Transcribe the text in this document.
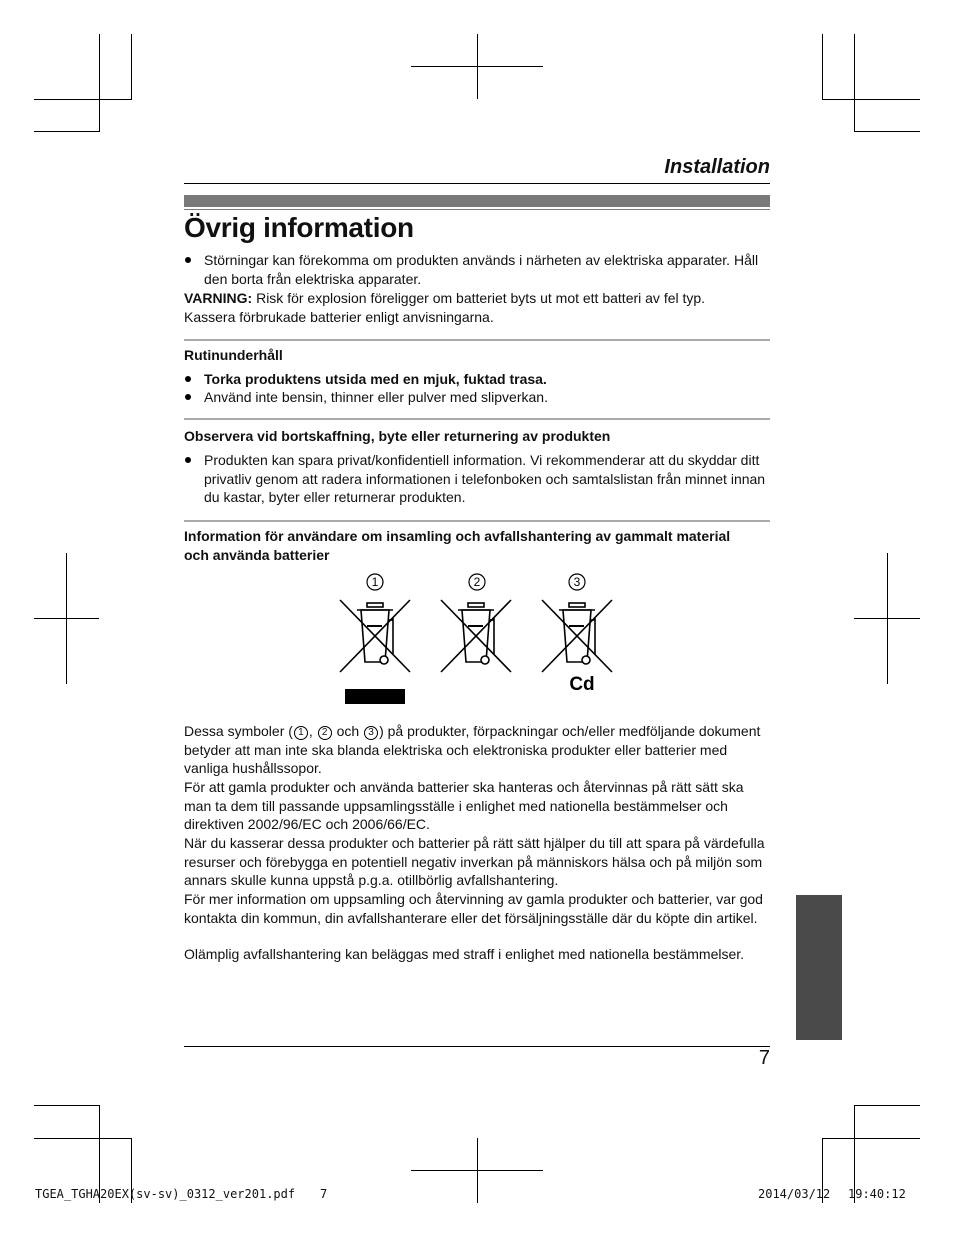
Installation
Övrig information
Störningar kan förekomma om produkten används i närheten av elektriska apparater. Håll den borta från elektriska apparater.
VARNING: Risk för explosion föreligger om batteriet byts ut mot ett batteri av fel typ.
Kassera förbrukade batterier enligt anvisningarna.
Rutinunderhåll
Torka produktens utsida med en mjuk, fuktad trasa.
Använd inte bensin, thinner eller pulver med slipverkan.
Observera vid bortskaffning, byte eller returnering av produkten
Produkten kan spara privat/konfidentiell information. Vi rekommenderar att du skyddar ditt privatliv genom att radera informationen i telefonboken och samtalslistan från minnet innan du kastar, byter eller returnerar produkten.
Information för användare om insamling och avfallshantering av gammalt material
och använda batterier
1	2	3
Cd
Dessa symboler ( 1 , 2 och 3 ) på produkter, förpackningar och/eller medföljande dokument betyder att man inte ska blanda elektriska och elektroniska produkter eller batterier med vanliga hushållssopor.
För att gamla produkter och använda batterier ska hanteras och återvinnas på rätt sätt ska man ta dem till passande uppsamlingsställe i enlighet med nationella bestämmelser och direktiven 2002/96/EC och 2006/66/EC.
När du kasserar dessa produkter och batterier på rätt sätt hjälper du till att spara på värdefulla resurser och förebygga en potentiell negativ inverkan på människors hälsa och på miljön som annars skulle kunna uppstå p.g.a. otillbörlig avfallshantering.
För mer information om uppsamling och återvinning av gamla produkter och batterier, var god kontakta din kommun, din avfallshanterare eller det försäljningsställe där du köpte din artikel.
Olämplig avfallshantering kan beläggas med straff i enlighet med nationella bestämmelser.
7
TGEA_TGHA20EX(sv-sv)_0312_ver201.pdf 7	2014/03/12 19:40:12
